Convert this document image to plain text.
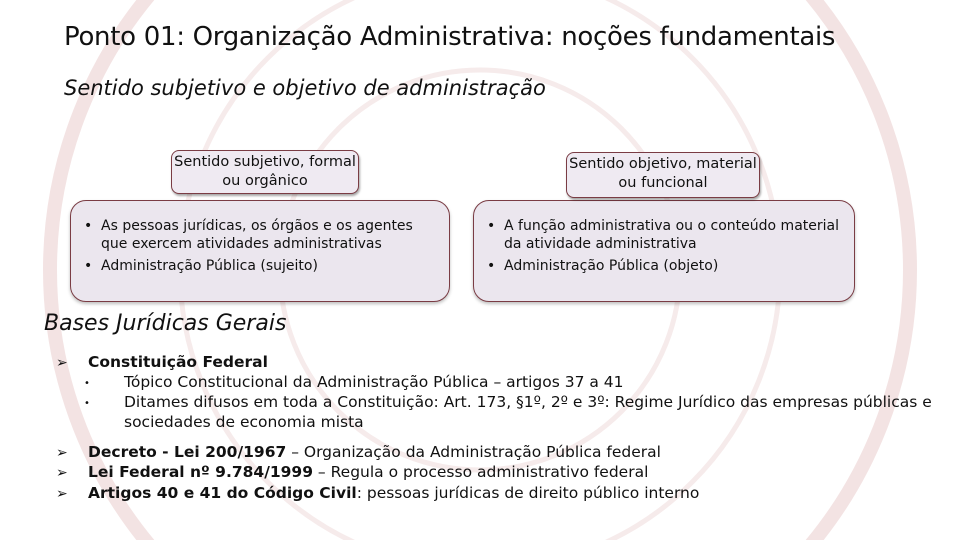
Ponto 01: Organização Administrativa: noções fundamentais
Sentido subjetivo e objetivo de administração
• As pessoas jurídicas, os órgãos e os agentes que exercem atividades administrativas
• Administração Pública (sujeito)
Sentido subjetivo, formal ou orgânico
• A função administrativa ou o conteúdo material da atividade administrativa
• Administração Pública (objeto)
Sentido objetivo, material ou funcional
Bases Jurídicas Gerais
➢ Constituição Federal
• Tópico Constitucional da Administração Pública – artigos 37 a 41
• Ditames difusos em toda a Constituição: Art. 173, §1º, 2º e 3º: Regime Jurídico das empresas públicas e sociedades de economia mista
➢ Decreto - Lei 200/1967 – Organização da Administração Pública federal
➢ Lei Federal nº 9.784/1999 – Regula o processo administrativo federal
➢ Artigos 40 e 41 do Código Civil: pessoas jurídicas de direito público interno
